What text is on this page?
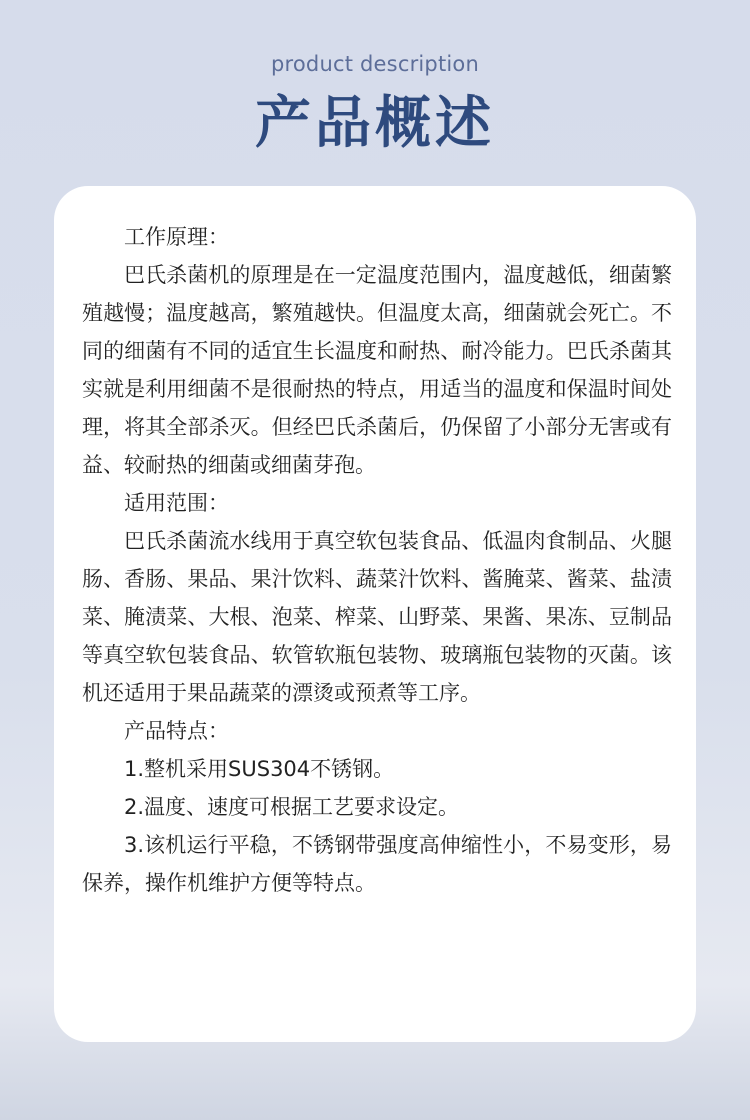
product description
产品概述

工作原理：

巴氏杀菌机的原理是在一定温度范围内，温度越低，细菌繁殖越慢；温度越高，繁殖越快。但温度太高，细菌就会死亡。不同的细菌有不同的适宜生长温度和耐热、耐冷能力。巴氏杀菌其实就是利用细菌不是很耐热的特点，用适当的温度和保温时间处理，将其全部杀灭。但经巴氏杀菌后，仍保留了小部分无害或有益、较耐热的细菌或细菌芽孢。

适用范围：

巴氏杀菌流水线用于真空软包装食品、低温肉食制品、火腿肠、香肠、果品、果汁饮料、蔬菜汁饮料、酱腌菜、酱菜、盐渍菜、腌渍菜、大根、泡菜、榨菜、山野菜、果酱、果冻、豆制品等真空软包装食品、软管软瓶包装物、玻璃瓶包装物的灭菌。该机还适用于果品蔬菜的漂烫或预煮等工序。

产品特点：

1.整机采用SUS304不锈钢。

2.温度、速度可根据工艺要求设定。

3.该机运行平稳，不锈钢带强度高伸缩性小，不易变形，易保养，操作机维护方便等特点。
